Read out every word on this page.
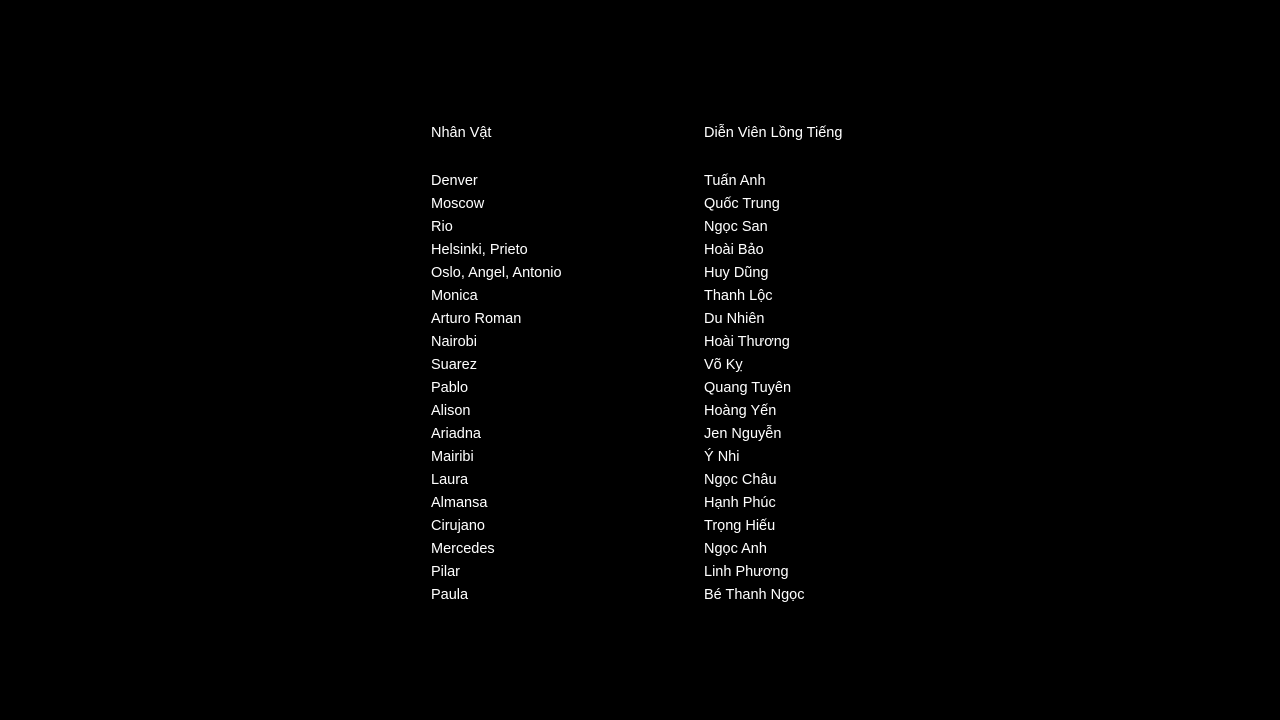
Nhân Vật
Denver
Moscow
Rio
Helsinki, Prieto
Oslo, Angel, Antonio
Monica
Arturo Roman
Nairobi
Suarez
Pablo
Alison
Ariadna
Mairibi
Laura
Almansa
Cirujano
Mercedes
Pilar
Paula
Diễn Viên Lồng Tiếng
Tuấn Anh
Quốc Trung
Ngọc San
Hoài Bảo
Huy Dũng
Thanh Lộc
Du Nhiên
Hoài Thương
Võ Kỵ
Quang Tuyên
Hoàng Yến
Jen Nguyễn
Ý Nhi
Ngọc Châu
Hạnh Phúc
Trọng Hiếu
Ngọc Anh
Linh Phương
Bé Thanh Ngọc
